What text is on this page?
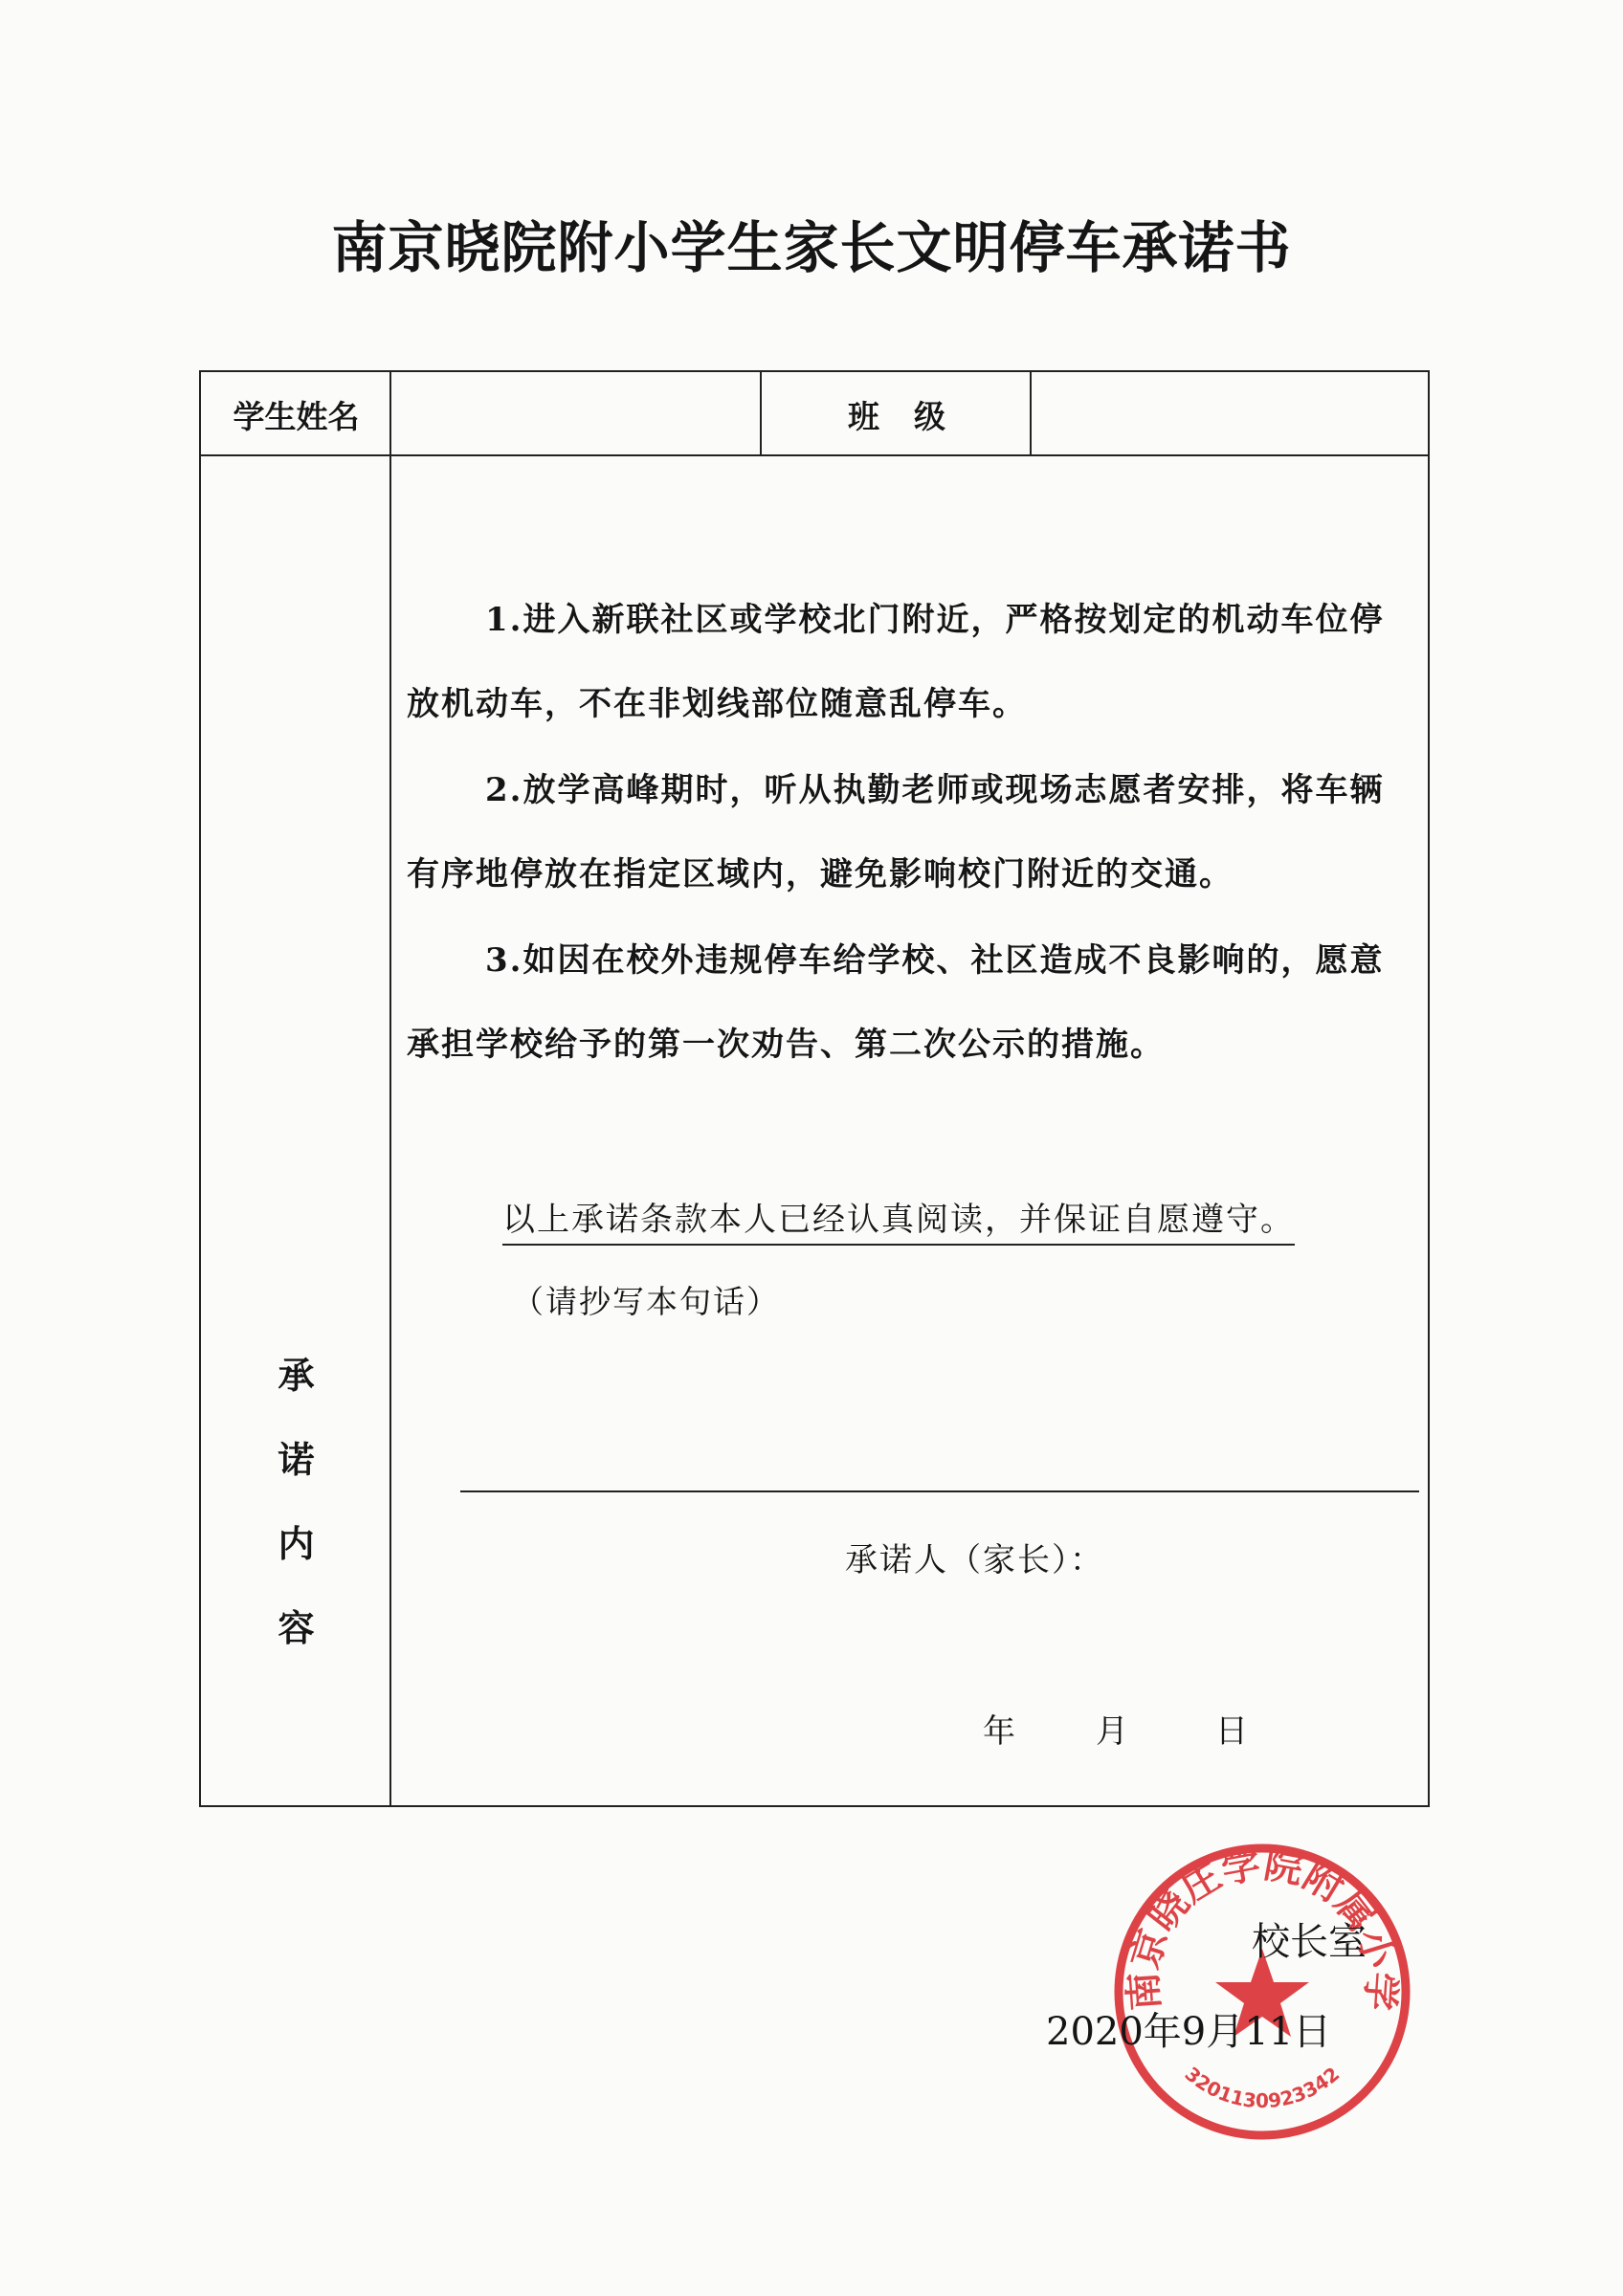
南京晓院附小学生家长文明停车承诺书
学生姓名	班级
承
诺
内
容
1.进入新联社区或学校北门附近，严格按划定的机动车位停放机动车，不在非划线部位随意乱停车。
2.放学高峰期时，听从执勤老师或现场志愿者安排，将车辆有序地停放在指定区域内，避免影响校门附近的交通。
3.如因在校外违规停车给学校、社区造成不良影响的，愿意承担学校给予的第一次劝告、第二次公示的措施。
以上承诺条款本人已经认真阅读，并保证自愿遵守。
（请抄写本句话）
承诺人（家长）：
年 月	日
南京晓庄学院附属小学
3201130923342
校长室
2020年9月11日
